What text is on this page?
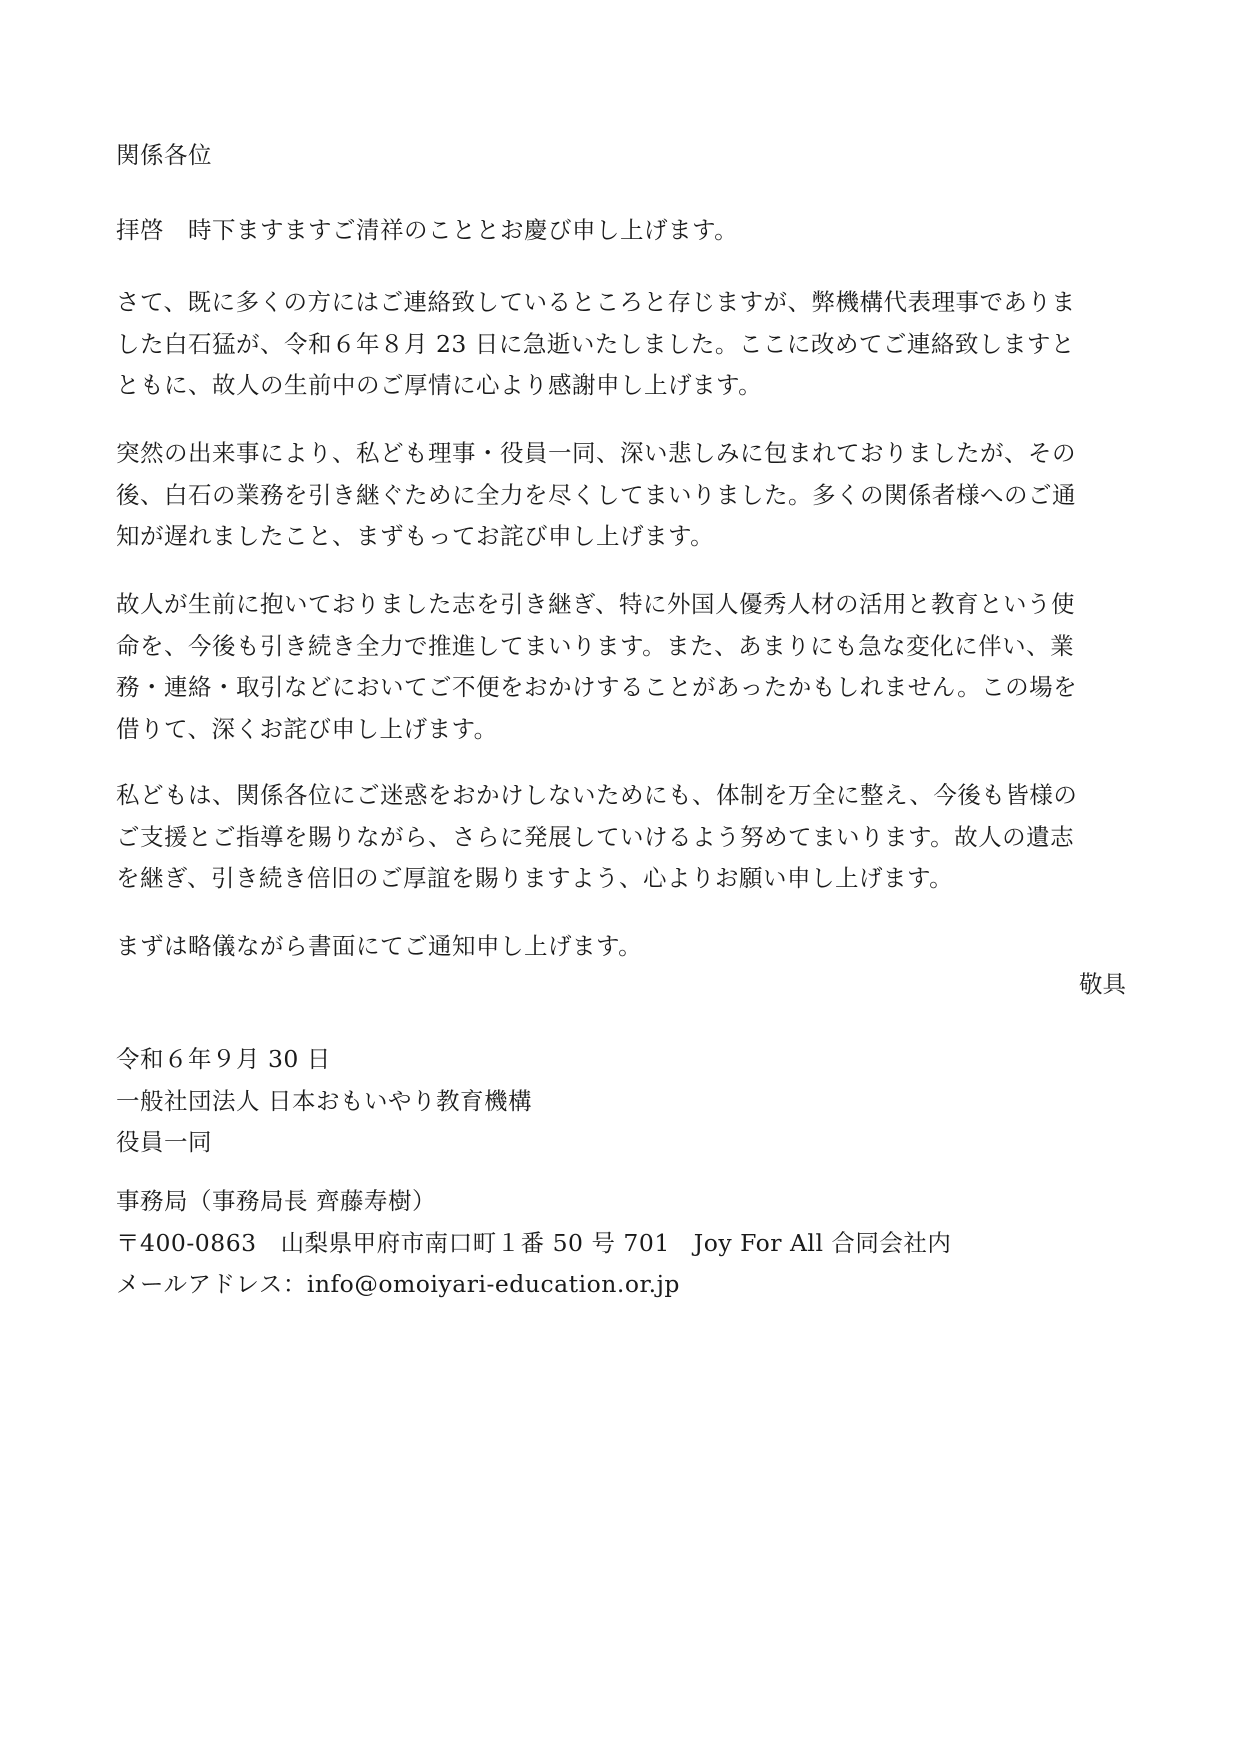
関係各位
拝啓　時下ますますご清祥のこととお慶び申し上げます。
さて、既に多くの方にはご連絡致しているところと存じますが、弊機構代表理事でありま
した白石猛が、令和６年８月 23 日に急逝いたしました。ここに改めてご連絡致しますと
ともに、故人の生前中のご厚情に心より感謝申し上げます。
突然の出来事により、私ども理事・役員一同、深い悲しみに包まれておりましたが、その
後、白石の業務を引き継ぐために全力を尽くしてまいりました。多くの関係者様へのご通
知が遅れましたこと、まずもってお詫び申し上げます。
故人が生前に抱いておりました志を引き継ぎ、特に外国人優秀人材の活用と教育という使
命を、今後も引き続き全力で推進してまいります。また、あまりにも急な変化に伴い、業
務・連絡・取引などにおいてご不便をおかけすることがあったかもしれません。この場を
借りて、深くお詫び申し上げます。
私どもは、関係各位にご迷惑をおかけしないためにも、体制を万全に整え、今後も皆様の
ご支援とご指導を賜りながら、さらに発展していけるよう努めてまいります。故人の遺志
を継ぎ、引き続き倍旧のご厚誼を賜りますよう、心よりお願い申し上げます。
まずは略儀ながら書面にてご通知申し上げます。
敬具
令和６年９月 30 日
一般社団法人 日本おもいやり教育機構
役員一同
事務局（事務局長 齊藤寿樹）
〒400-0863　山梨県甲府市南口町１番 50 号 701　Joy For All 合同会社内
メールアドレス：info@omoiyari-education.or.jp
